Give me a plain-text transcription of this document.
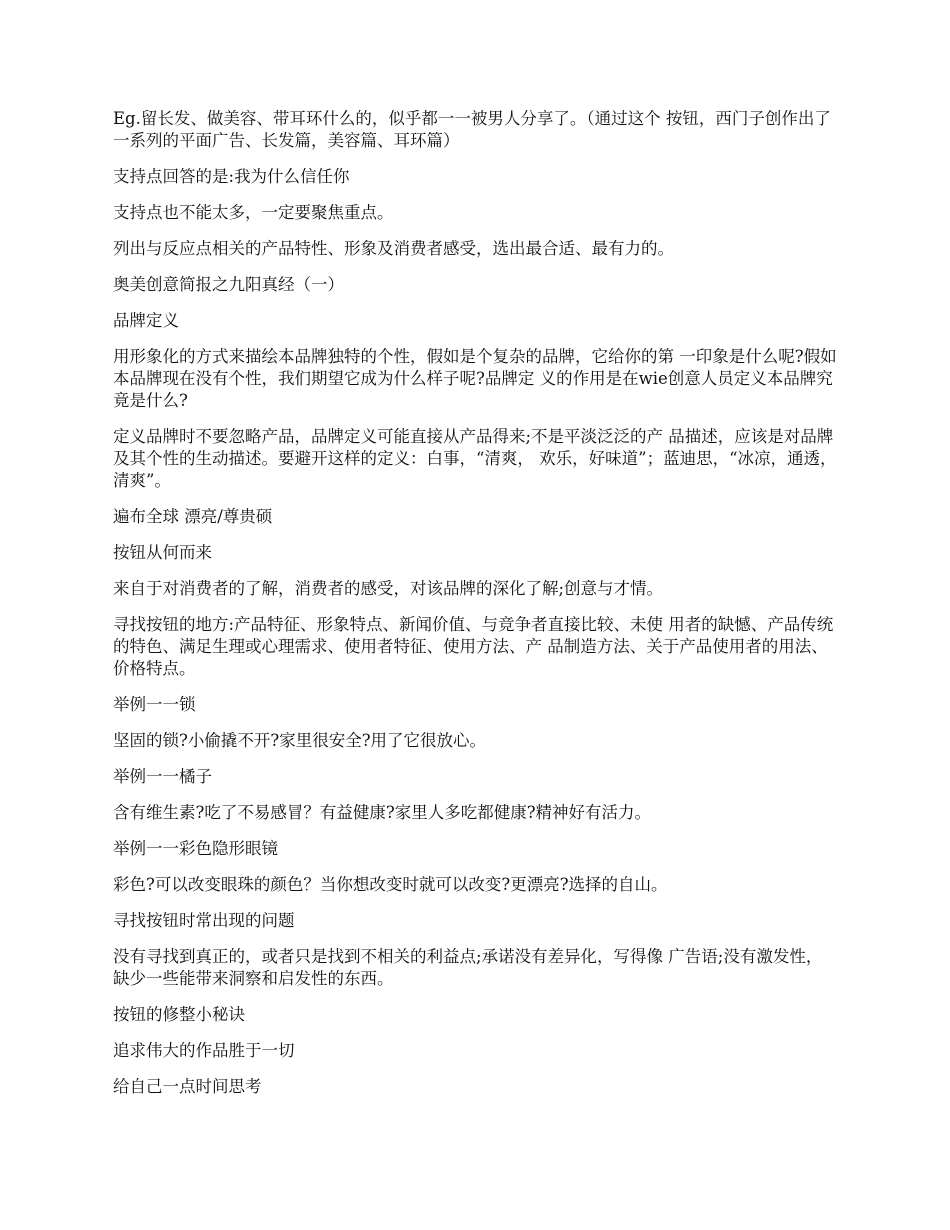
Eg.留长发、做美容、带耳环什么的，似乎都一一被男人分享了。（通过这个 按钮，西门子创作出了一系列的平面广告、长发篇，美容篇、耳环篇）

支持点回答的是:我为什么信任你

支持点也不能太多，一定要聚焦重点。

列出与反应点相关的产品特性、形象及消费者感受，选出最合适、最有力的。

奥美创意简报之九阳真经（一）

品牌定义

用形象化的方式来描绘本品牌独特的个性，假如是个复杂的品牌，它给你的第 一印象是什么呢?假如本品牌现在没有个性，我们期望它成为什么样子呢?品牌定 义的作用是在wie创意人员定义本品牌究竟是什么?

定义品牌时不要忽略产品，品牌定义可能直接从产品得来;不是平淡泛泛的产 品描述，应该是对品牌及其个性的生动描述。要避开这样的定义：白事，“清爽， 欢乐，好味道”；蓝迪思，“冰凉，通透，清爽”。

遍布全球 漂亮/尊贵硕

按钮从何而来

来自于对消费者的了解，消费者的感受，对该品牌的深化了解;创意与才情。

寻找按钮的地方:产品特征、形象特点、新闻价值、与竞争者直接比较、未使 用者的缺憾、产品传统的特色、满足生理或心理需求、使用者特征、使用方法、产 品制造方法、关于产品使用者的用法、价格特点。

举例一一锁

坚固的锁?小偷撬不开?家里很安全?用了它很放心。

举例一一橘子

含有维生素?吃了不易感冒？有益健康?家里人多吃都健康?精神好有活力。

举例一一彩色隐形眼镜

彩色?可以改变眼珠的颜色？当你想改变时就可以改变?更漂亮?选择的自山。

寻找按钮时常出现的问题

没有寻找到真正的，或者只是找到不相关的利益点;承诺没有差异化，写得像 广告语;没有激发性，缺少一些能带来洞察和启发性的东西。

按钮的修整小秘诀

追求伟大的作品胜于一切

给自己一点时间思考
